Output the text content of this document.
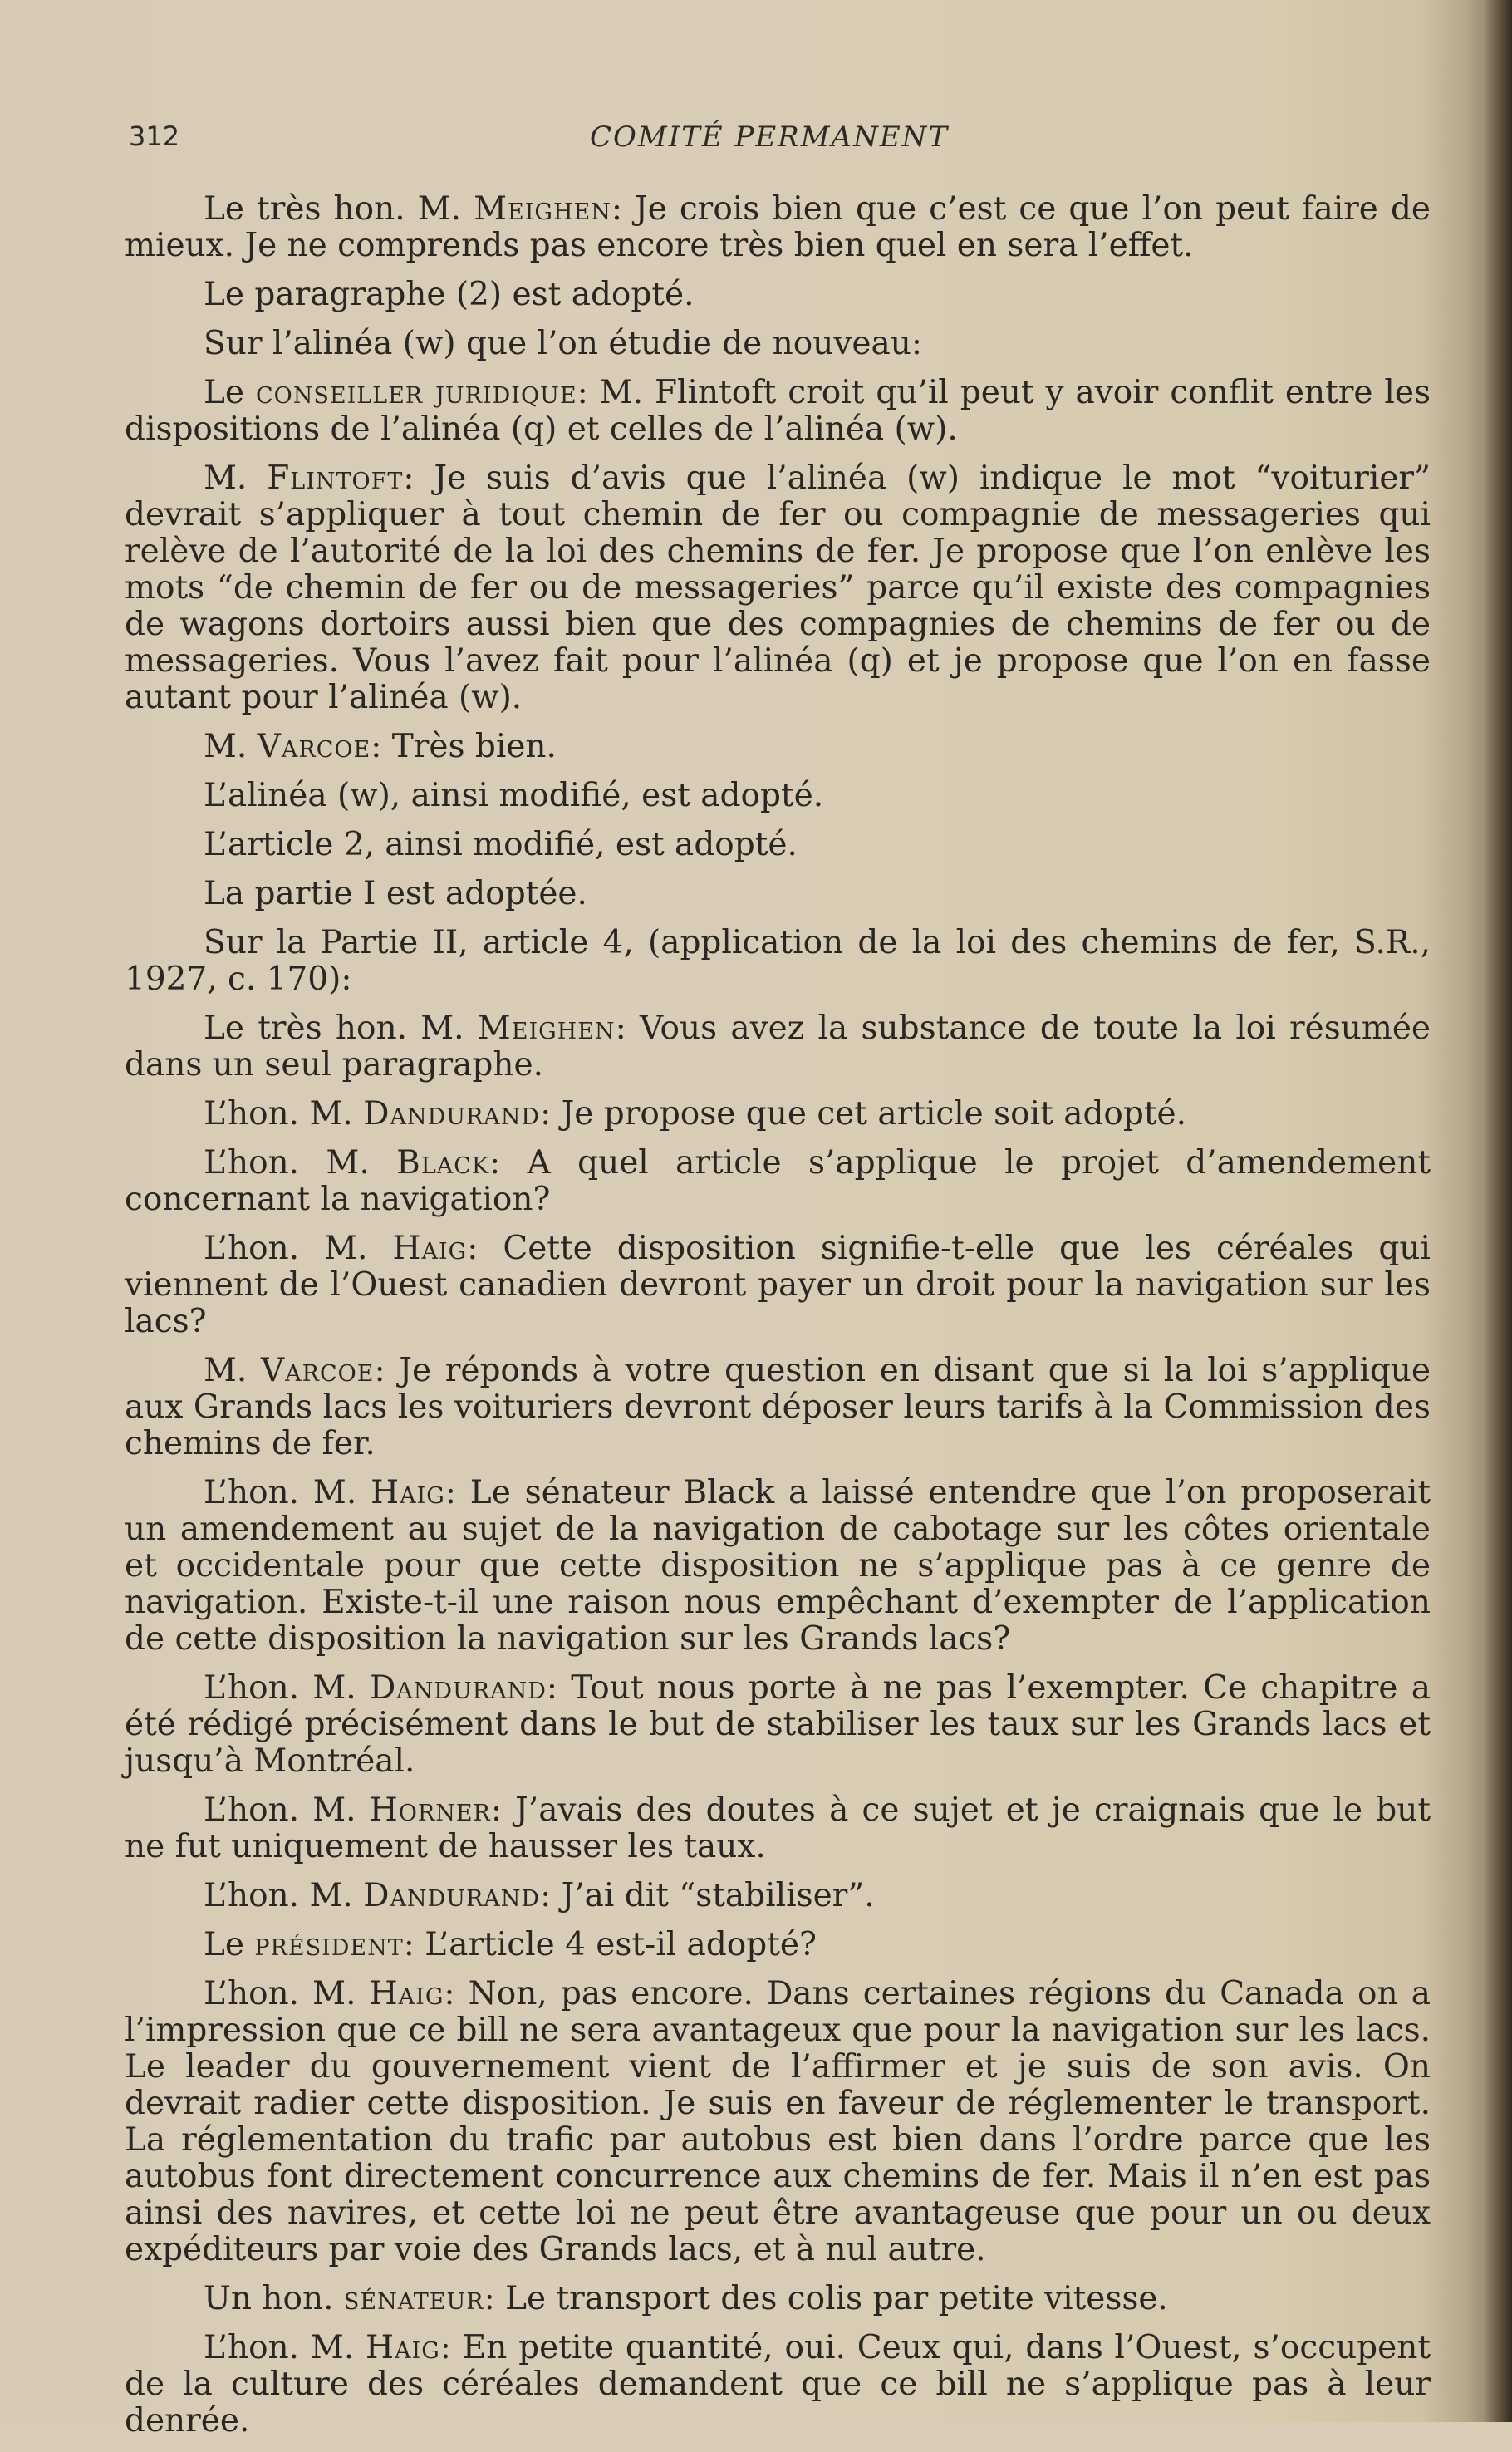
312	COMITÉ PERMANENT

Le très hon. M. Meighen: Je crois bien que c’est ce que l’on peut faire de mieux. Je ne comprends pas encore très bien quel en sera l’effet.

Le paragraphe (2) est adopté.

Sur l’alinéa (w) que l’on étudie de nouveau:

Le conseiller juridique: M. Flintoft croit qu’il peut y avoir conflit entre les dispositions de l’alinéa (q) et celles de l’alinéa (w).

M. Flintoft: Je suis d’avis que l’alinéa (w) indique le mot “voiturier” devrait s’appliquer à tout chemin de fer ou compagnie de messageries qui relève de l’autorité de la loi des chemins de fer. Je propose que l’on enlève les mots “de chemin de fer ou de messageries” parce qu’il existe des compagnies de wagons dortoirs aussi bien que des compagnies de chemins de fer ou de messageries. Vous l’avez fait pour l’alinéa (q) et je propose que l’on en fasse autant pour l’alinéa (w).

M. Varcoe: Très bien.

L’alinéa (w), ainsi modifié, est adopté.

L’article 2, ainsi modifié, est adopté.

La partie I est adoptée.

Sur la Partie II, article 4, (application de la loi des chemins de fer, S.R., 1927, c. 170):

Le très hon. M. Meighen: Vous avez la substance de toute la loi résumée dans un seul paragraphe.

L’hon. M. Dandurand: Je propose que cet article soit adopté.

L’hon. M. Black: A quel article s’applique le projet d’amendement concernant la navigation?

L’hon. M. Haig: Cette disposition signifie-t-elle que les céréales qui viennent de l’Ouest canadien devront payer un droit pour la navigation sur les lacs?

M. Varcoe: Je réponds à votre question en disant que si la loi s’applique aux Grands lacs les voituriers devront déposer leurs tarifs à la Commission des chemins de fer.

L’hon. M. Haig: Le sénateur Black a laissé entendre que l’on proposerait un amendement au sujet de la navigation de cabotage sur les côtes orientale et occidentale pour que cette disposition ne s’applique pas à ce genre de navigation. Existe-t-il une raison nous empêchant d’exempter de l’application de cette disposition la navigation sur les Grands lacs?

L’hon. M. Dandurand: Tout nous porte à ne pas l’exempter. Ce chapitre a été rédigé précisément dans le but de stabiliser les taux sur les Grands lacs et jusqu’à Montréal.

L’hon. M. Horner: J’avais des doutes à ce sujet et je craignais que le but ne fut uniquement de hausser les taux.

L’hon. M. Dandurand: J’ai dit “stabiliser”.

Le président: L’article 4 est-il adopté?

L’hon. M. Haig: Non, pas encore. Dans certaines régions du Canada on a l’impression que ce bill ne sera avantageux que pour la navigation sur les lacs. Le leader du gouvernement vient de l’affirmer et je suis de son avis. On devrait radier cette disposition. Je suis en faveur de réglementer le transport. La réglementation du trafic par autobus est bien dans l’ordre parce que les autobus font directement concurrence aux chemins de fer. Mais il n’en est pas ainsi des navires, et cette loi ne peut être avantageuse que pour un ou deux expéditeurs par voie des Grands lacs, et à nul autre.

Un hon. sénateur: Le transport des colis par petite vitesse.

L’hon. M. Haig: En petite quantité, oui. Ceux qui, dans l’Ouest, s’occupent de la culture des céréales demandent que ce bill ne s’applique pas à leur denrée.
